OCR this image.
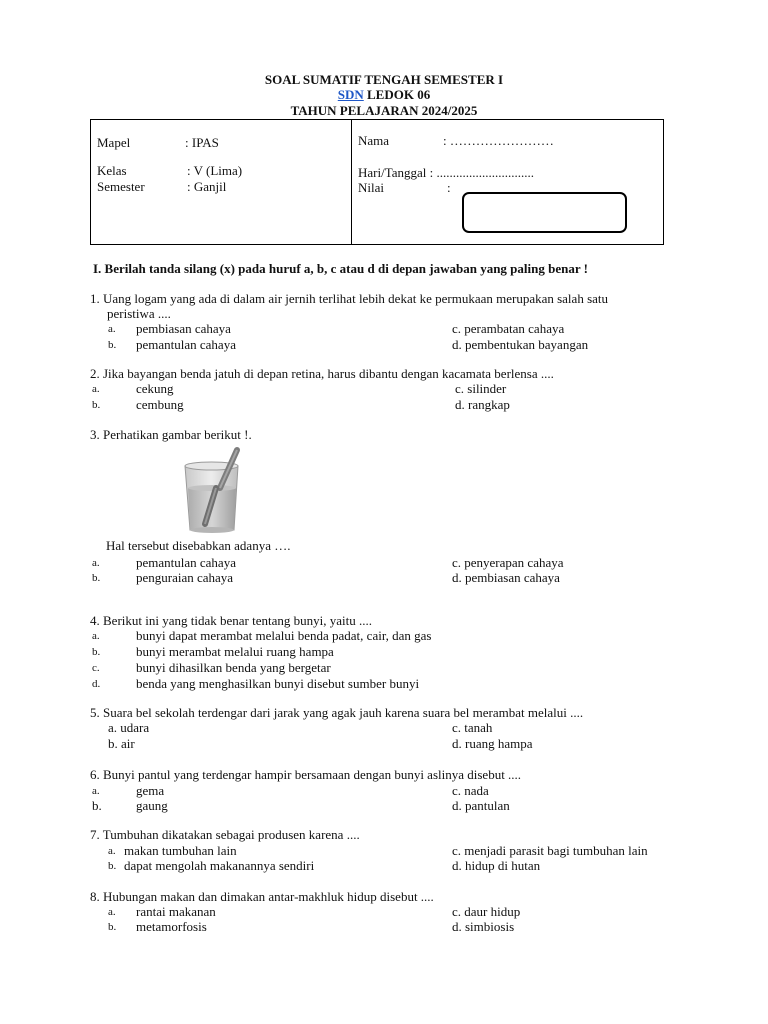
SOAL SUMATIF TENGAH SEMESTER I
SDN LEDOK 06
TAHUN PELAJARAN 2024/2025
Mapel	: IPAS
Kelas	: V (Lima)
Semester	: Ganjil
Nama	: ……………………
Hari/Tanggal : ..............................
Nilai	:
I. Berilah tanda silang (x) pada huruf a, b, c atau d di depan jawaban yang paling benar !
1. Uang logam yang ada di dalam air jernih terlihat lebih dekat ke permukaan merupakan salah satu
peristiwa ....
a. pembiasan cahaya
b. pemantulan cahaya
c. perambatan cahaya
d. pembentukan bayangan
2. Jika bayangan benda jatuh di depan retina, harus dibantu dengan kacamata berlensa ....
a.	cekung
b.	cembung
c. silinder
d. rangkap
3. Perhatikan gambar berikut !.
Hal tersebut disebabkan adanya ….
a.	pemantulan cahaya
b.	penguraian cahaya
c. penyerapan cahaya
d. pembiasan cahaya
4. Berikut ini yang tidak benar tentang bunyi, yaitu ....
a.	bunyi dapat merambat melalui benda padat, cair, dan gas
b.	bunyi merambat melalui ruang hampa
c.	bunyi dihasilkan benda yang bergetar
d.	benda yang menghasilkan bunyi disebut sumber bunyi
5. Suara bel sekolah terdengar dari jarak yang agak jauh karena suara bel merambat melalui ....
a. udara
b. air
c. tanah
d. ruang hampa
6. Bunyi pantul yang terdengar hampir bersamaan dengan bunyi aslinya disebut ....
a.	gema
b.	gaung
c. nada
d. pantulan
7. Tumbuhan dikatakan sebagai produsen karena ....
a. makan tumbuhan lain
b. dapat mengolah makanannya sendiri
c. menjadi parasit bagi tumbuhan lain
d. hidup di hutan
8. Hubungan makan dan dimakan antar-makhluk hidup disebut ....
a. rantai makanan
b. metamorfosis
c. daur hidup
d. simbiosis
